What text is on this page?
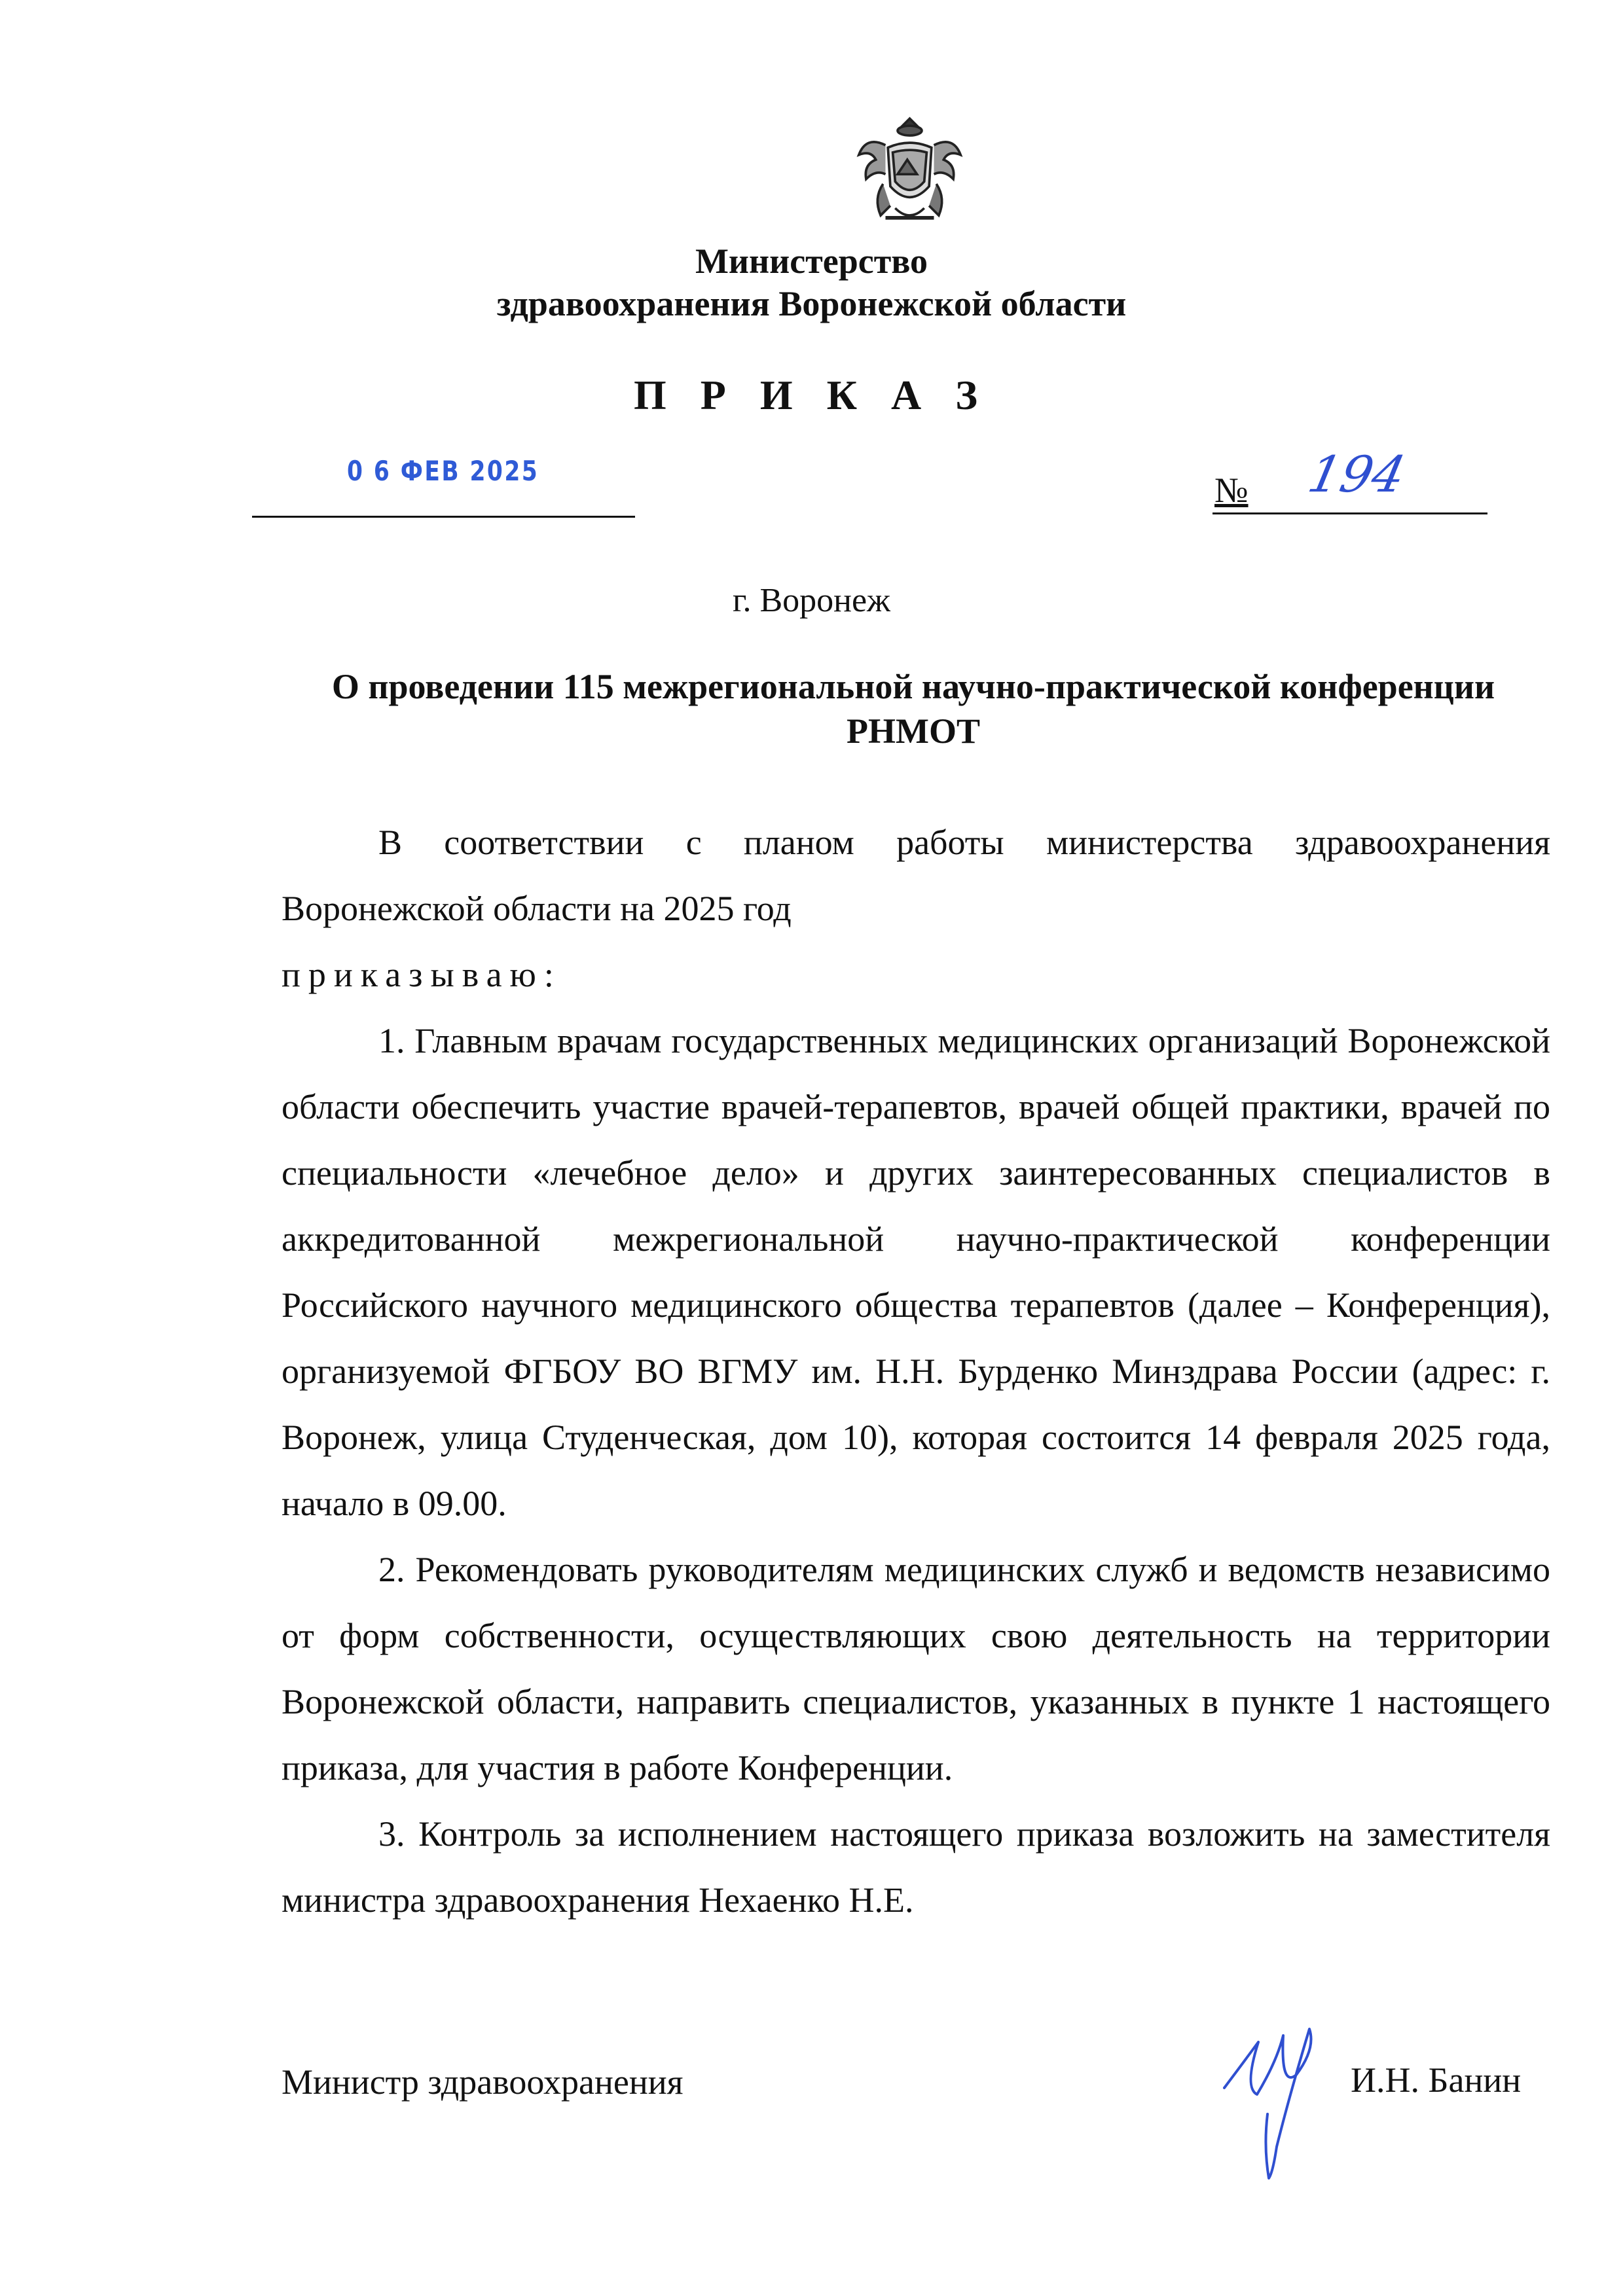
Министерство
здравоохранения Воронежской области
П Р И К А З
0 6 ФЕВ 2025	№ 194
г. Воронеж
О проведении 115 межрегиональной научно-практической конференции
РНМОТ

В соответствии с планом работы министерства здравоохранения Воронежской области на 2025 год

приказываю:

1. Главным врачам государственных медицинских организаций Воронежской области обеспечить участие врачей-терапевтов, врачей общей практики, врачей по специальности «лечебное дело» и других заинтересованных специалистов в аккредитованной межрегиональной научно-практической конференции Российского научного медицинского общества терапевтов (далее – Конференция), организуемой ФГБОУ ВО ВГМУ им. Н.Н. Бурденко Минздрава России (адрес: г. Воронеж, улица Студенческая, дом 10), которая состоится 14 февраля 2025 года, начало в 09.00.

2. Рекомендовать руководителям медицинских служб и ведомств независимо от форм собственности, осуществляющих свою деятельность на территории Воронежской области, направить специалистов, указанных в пункте 1 настоящего приказа, для участия в работе Конференции.

3. Контроль за исполнением настоящего приказа возложить на заместителя министра здравоохранения Нехаенко Н.Е.

Министр здравоохранения	И.Н. Банин
